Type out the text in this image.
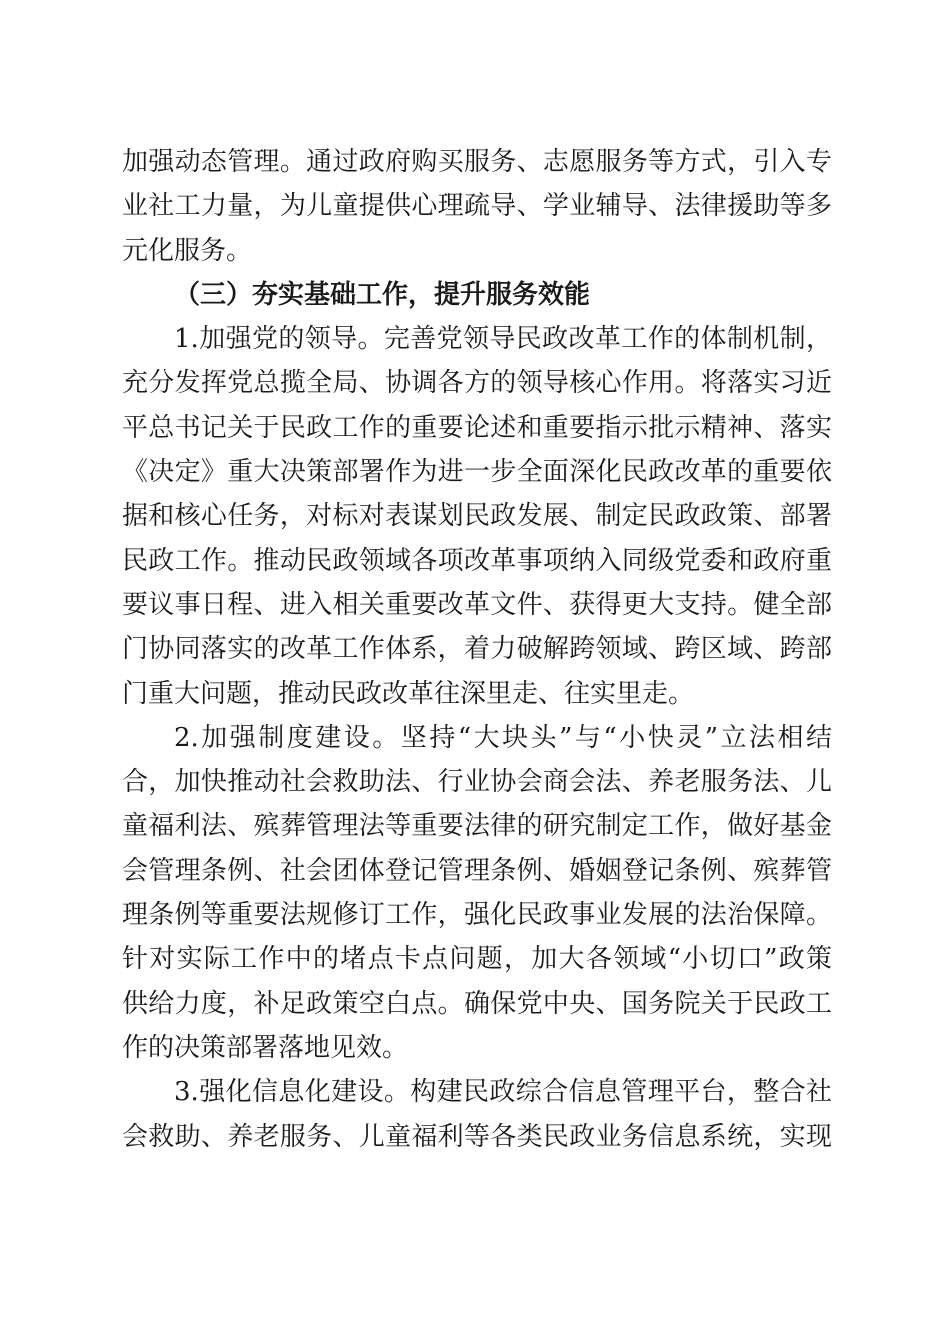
加强动态管理。通过政府购买服务、志愿服务等方式，引入专
业社工力量，为儿童提供心理疏导、学业辅导、法律援助等多
元化服务。
（三）夯实基础工作，提升服务效能
1.加强党的领导。完善党领导民政改革工作的体制机制，
充分发挥党总揽全局、协调各方的领导核心作用。将落实习近
平总书记关于民政工作的重要论述和重要指示批示精神、落实
《决定》重大决策部署作为进一步全面深化民政改革的重要依
据和核心任务，对标对表谋划民政发展、制定民政政策、部署
民政工作。推动民政领域各项改革事项纳入同级党委和政府重
要议事日程、进入相关重要改革文件、获得更大支持。健全部
门协同落实的改革工作体系，着力破解跨领域、跨区域、跨部
门重大问题，推动民政改革往深里走、往实里走。
2.加强制度建设。坚持“大块头”与“小快灵”立法相结
合，加快推动社会救助法、行业协会商会法、养老服务法、儿
童福利法、殡葬管理法等重要法律的研究制定工作，做好基金
会管理条例、社会团体登记管理条例、婚姻登记条例、殡葬管
理条例等重要法规修订工作，强化民政事业发展的法治保障。
针对实际工作中的堵点卡点问题，加大各领域“小切口”政策
供给力度，补足政策空白点。确保党中央、国务院关于民政工
作的决策部署落地见效。
3.强化信息化建设。构建民政综合信息管理平台，整合社
会救助、养老服务、儿童福利等各类民政业务信息系统，实现
